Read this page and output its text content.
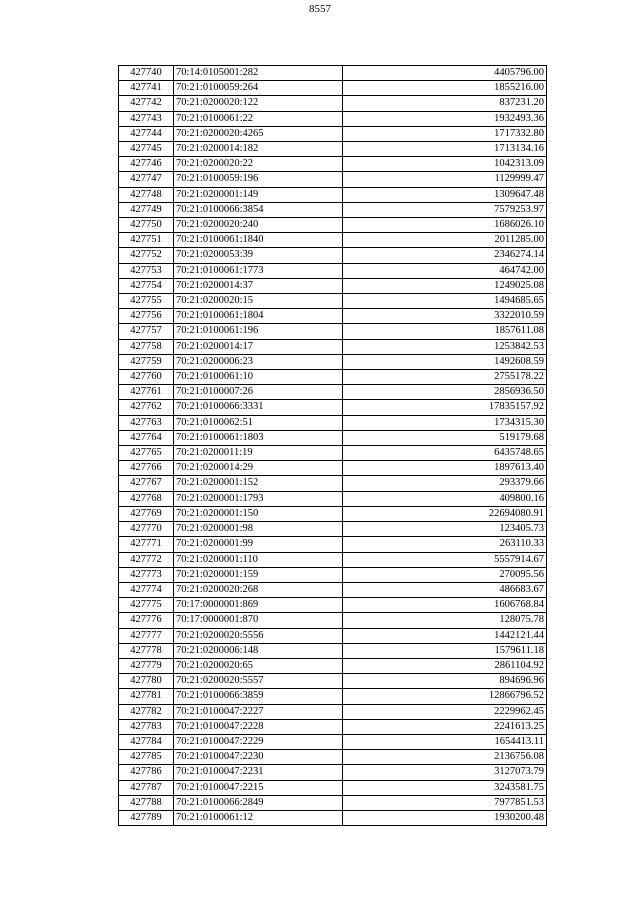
8557
427740	70:14:0105001:282	4405796.00
427741	70:21:0100059:264	1855216.00
427742	70:21:0200020:122	837231.20
427743	70:21:0100061:22	1932493.36
427744	70:21:0200020:4265	1717332.80
427745	70:21:0200014:182	1713134.16
427746	70:21:0200020:22	1042313.09
427747	70:21:0100059:196	1129999.47
427748	70:21:0200001:149	1309647.48
427749	70:21:0100066:3854	7579253.97
427750	70:21:0200020:240	1686026.10
427751	70:21:0100061:1840	2011285.00
427752	70:21:0200053:39	2346274.14
427753	70:21:0100061:1773	464742.00
427754	70:21:0200014:37	1249025.08
427755	70:21:0200020:15	1494685.65
427756	70:21:0100061:1804	3322010.59
427757	70:21:0100061:196	1857611.08
427758	70:21:0200014:17	1253842.53
427759	70:21:0200006:23	1492608.59
427760	70:21:0100061:10	2755178.22
427761	70:21:0100007:26	2856936.50
427762	70:21:0100066:3331	17835157.92
427763	70:21:0100062:51	1734315.30
427764	70:21:0100061:1803	519179.68
427765	70:21:0200011:19	6435748.65
427766	70:21:0200014:29	1897613.40
427767	70:21:0200001:152	293379.66
427768	70:21:0200001:1793	409800.16
427769	70:21:0200001:150	22694080.91
427770	70:21:0200001:98	123405.73
427771	70:21:0200001:99	263110.33
427772	70:21:0200001:110	5557914.67
427773	70:21:0200001:159	270095.56
427774	70:21:0200020:268	486683.67
427775	70:17:0000001:869	1606768.84
427776	70:17:0000001:870	128075.78
427777	70:21:0200020:5556	1442121.44
427778	70:21:0200006:148	1579611.18
427779	70:21:0200020:65	2861104.92
427780	70:21:0200020:5557	894696.96
427781	70:21:0100066:3859	12866796.52
427782	70:21:0100047:2227	2229962.45
427783	70:21:0100047:2228	2241613.25
427784	70:21:0100047:2229	1654413.11
427785	70:21:0100047:2230	2136756.08
427786	70:21:0100047:2231	3127073.79
427787	70:21:0100047:2215	3243581.75
427788	70:21:0100066:2849	7977851.53
427789	70:21:0100061:12	1930200.48
